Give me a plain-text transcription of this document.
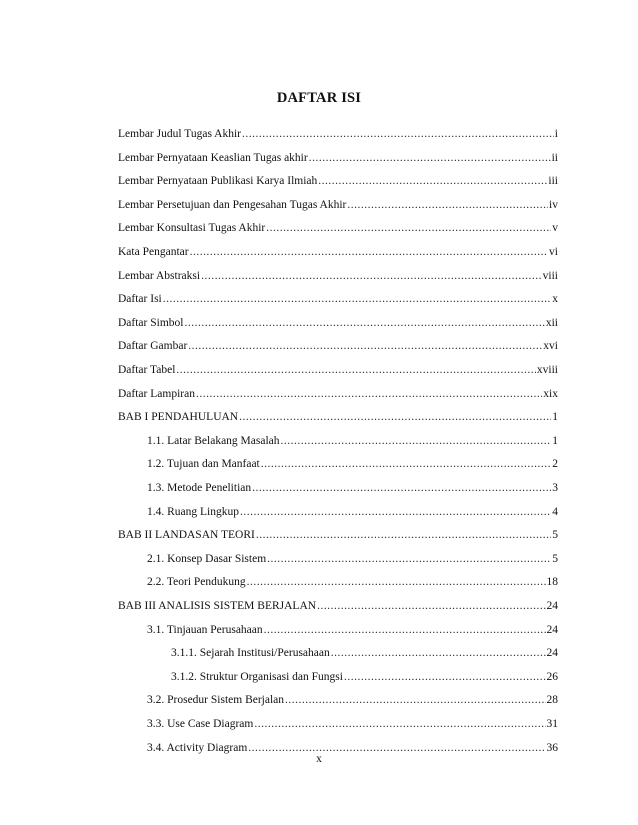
DAFTAR ISI
Lembar Judul Tugas Akhir .....	i
Lembar Pernyataan Keaslian Tugas akhir .....	ii
Lembar Pernyataan Publikasi Karya Ilmiah .....	iii
Lembar Persetujuan dan Pengesahan Tugas Akhir .....	iv
Lembar Konsultasi Tugas Akhir .....	v
Kata Pengantar .....	vi
Lembar Abstraksi .....	viii
Daftar Isi .....	x
Daftar Simbol .....	xii
Daftar Gambar .....	xvi
Daftar Tabel .....	xviii
Daftar Lampiran .....	xix
BAB I PENDAHULUAN .....	1
1.1. Latar Belakang Masalah .....	1
1.2. Tujuan dan Manfaat .....	2
1.3. Metode Penelitian .....	3
1.4. Ruang Lingkup .....	4
BAB II LANDASAN TEORI .....	5
2.1. Konsep Dasar Sistem .....	5
2.2. Teori Pendukung .....	18
BAB III ANALISIS SISTEM BERJALAN .....	24
3.1. Tinjauan Perusahaan .....	24
3.1.1. Sejarah Institusi/Perusahaan .....	24
3.1.2. Struktur Organisasi dan Fungsi .....	26
3.2. Prosedur Sistem Berjalan .....	28
3.3. Use Case Diagram .....	31
3.4. Activity Diagram .....	36
x
